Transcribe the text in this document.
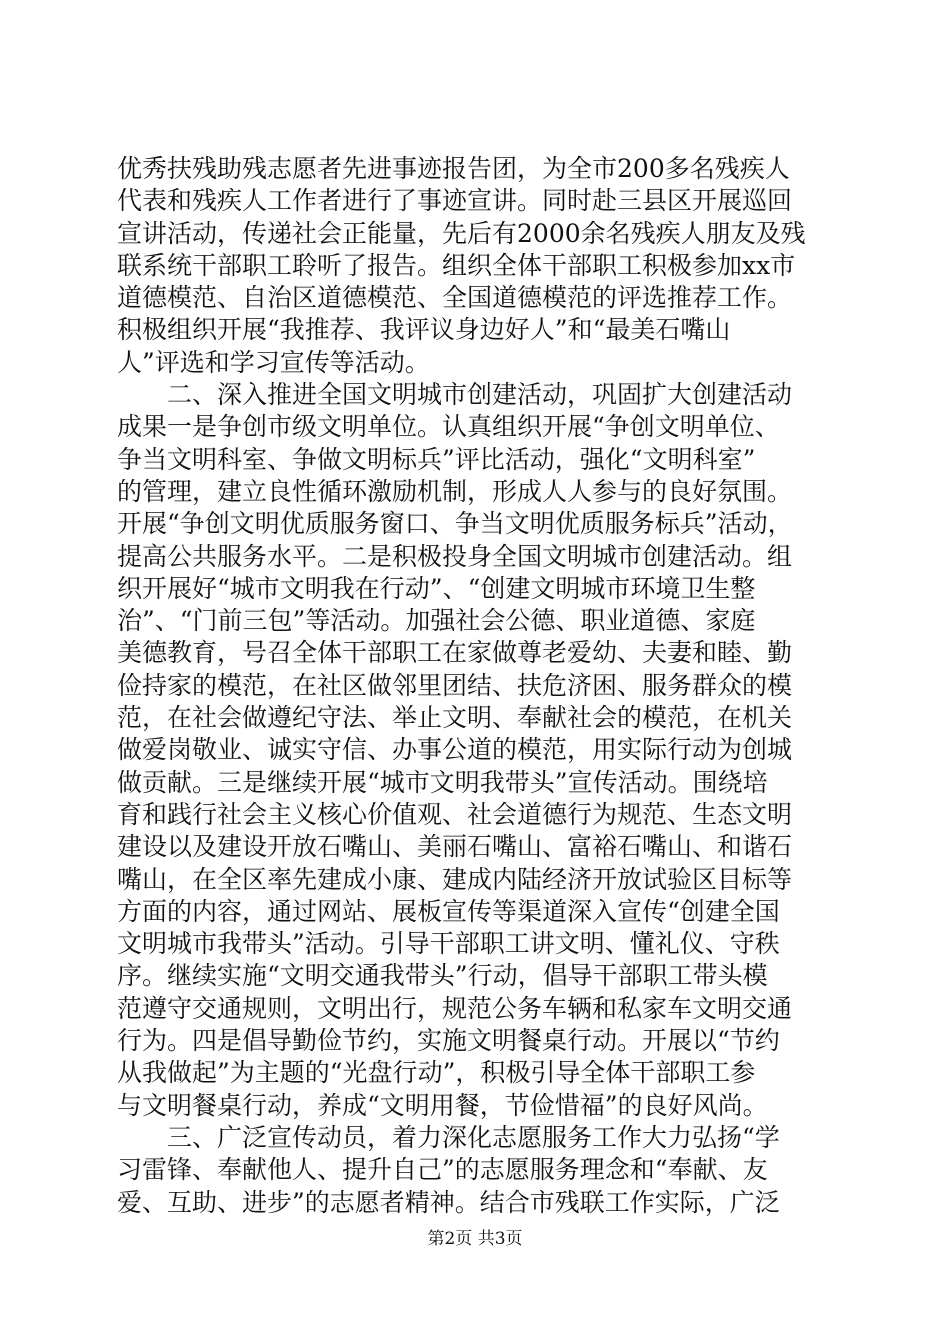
优秀扶残助残志愿者先进事迹报告团，为全市200多名残疾人
代表和残疾人工作者进行了事迹宣讲。同时赴三县区开展巡回
宣讲活动，传递社会正能量，先后有2000余名残疾人朋友及残
联系统干部职工聆听了报告。组织全体干部职工积极参加xx市
道德模范、自治区道德模范、全国道德模范的评选推荐工作。
积极组织开展“我推荐、我评议身边好人”和“最美石嘴山
人”评选和学习宣传等活动。
　　二、深入推进全国文明城市创建活动，巩固扩大创建活动
成果一是争创市级文明单位。认真组织开展“争创文明单位、
争当文明科室、争做文明标兵”评比活动，强化“文明科室”
的管理，建立良性循环激励机制，形成人人参与的良好氛围。
开展“争创文明优质服务窗口、争当文明优质服务标兵”活动，
提高公共服务水平。二是积极投身全国文明城市创建活动。组
织开展好“城市文明我在行动”、“创建文明城市环境卫生整
治”、“门前三包”等活动。加强社会公德、职业道德、家庭
美德教育，号召全体干部职工在家做尊老爱幼、夫妻和睦、勤
俭持家的模范，在社区做邻里团结、扶危济困、服务群众的模
范，在社会做遵纪守法、举止文明、奉献社会的模范，在机关
做爱岗敬业、诚实守信、办事公道的模范，用实际行动为创城
做贡献。三是继续开展“城市文明我带头”宣传活动。围绕培
育和践行社会主义核心价值观、社会道德行为规范、生态文明
建设以及建设开放石嘴山、美丽石嘴山、富裕石嘴山、和谐石
嘴山，在全区率先建成小康、建成内陆经济开放试验区目标等
方面的内容，通过网站、展板宣传等渠道深入宣传“创建全国
文明城市我带头”活动。引导干部职工讲文明、懂礼仪、守秩
序。继续实施“文明交通我带头”行动，倡导干部职工带头模
范遵守交通规则，文明出行，规范公务车辆和私家车文明交通
行为。四是倡导勤俭节约，实施文明餐桌行动。开展以“节约
从我做起”为主题的“光盘行动”，积极引导全体干部职工参
与文明餐桌行动，养成“文明用餐，节俭惜福”的良好风尚。
　　三、广泛宣传动员，着力深化志愿服务工作大力弘扬“学
习雷锋、奉献他人、提升自己”的志愿服务理念和“奉献、友
爱、互助、进步”的志愿者精神。结合市残联工作实际，广泛
第2页 共3页
